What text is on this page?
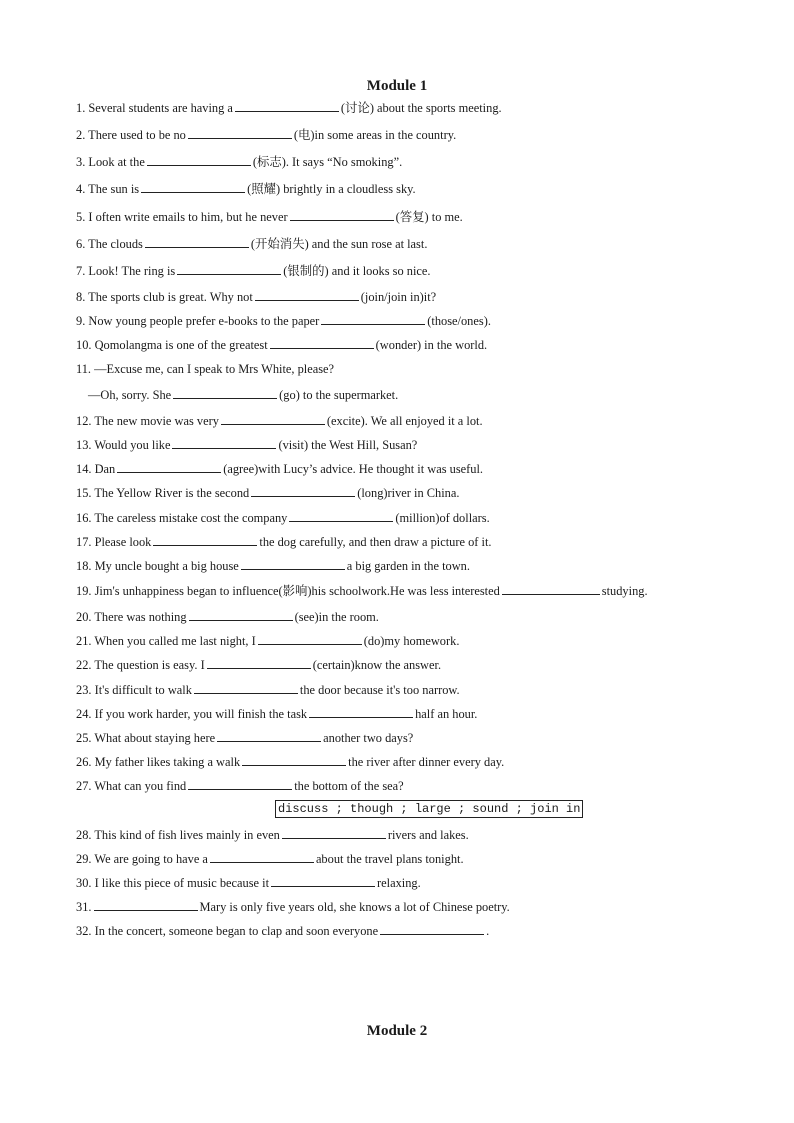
Module 1
1. Several students are having a	(讨论) about the sports meeting.
2. There used to be no	(电)in some areas in the country.
3. Look at the	(标志). It says “No smoking”.
4. The sun is	(照耀) brightly in a cloudless sky.
5. I often write emails to him, but he never	(答复) to me.
6. The clouds	(开始消失) and the sun rose at last.
7. Look! The ring is	(银制的) and it looks so nice.
8. The sports club is great. Why not	(join/join in)it?
9. Now young people prefer e-books to the paper	(those/ones).
10. Qomolangma is one of the greatest	(wonder) in the world.
11. —Excuse me, can I speak to Mrs White, please?
—Oh, sorry. She	(go) to the supermarket.
12. The new movie was very	(excite). We all enjoyed it a lot.
13. Would you like	(visit) the West Hill, Susan?
14. Dan	(agree)with Lucy’s advice. He thought it was useful.
15. The Yellow River is the second	(long)river in China.
16. The careless mistake cost the company	(million)of dollars.
17. Please look	the dog carefully, and then draw a picture of it.
18. My uncle bought a big house	a big garden in the town.
19. Jim's unhappiness began to influence(影响)his schoolwork.He was less interested	studying.
20. There was nothing	(see)in the room.
21. When you called me last night, I	(do)my homework.
22. The question is easy. I	(certain)know the answer.
23. It's difficult to walk	the door because it's too narrow.
24. If you work harder, you will finish the task	half an hour.
25. What about staying here	another two days?
26. My father likes taking a walk	the river after dinner every day.
27. What can you find	the bottom of the sea?
discuss ; though ; large ; sound ; join in
28. This kind of fish lives mainly in even	rivers and lakes.
29. We are going to have a	about the travel plans tonight.
30. I like this piece of music because it	relaxing.
31.	Mary is only five years old, she knows a lot of Chinese poetry.
32. In the concert, someone began to clap and soon everyone	.
Module 2
